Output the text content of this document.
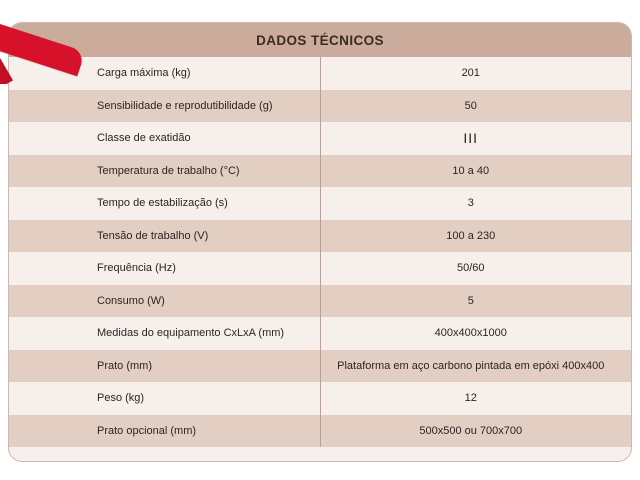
DADOS TÉCNICOS	
Carga máxima (kg)	201
Sensibilidade e reprodutibilidade (g)	50
Classe de exatidão	III
Temperatura de trabalho (°C)	10 a 40
Tempo de estabilização (s)	3
Tensão de trabalho (V)	100 a 230
Frequência (Hz)	50/60
Consumo (W)	5
Medidas do equipamento CxLxA (mm)	400x400x1000
Prato (mm)	Plataforma em aço carbono pintada em epóxi 400x400
Peso (kg)	12
Prato opcional (mm)	500x500 ou 700x700
